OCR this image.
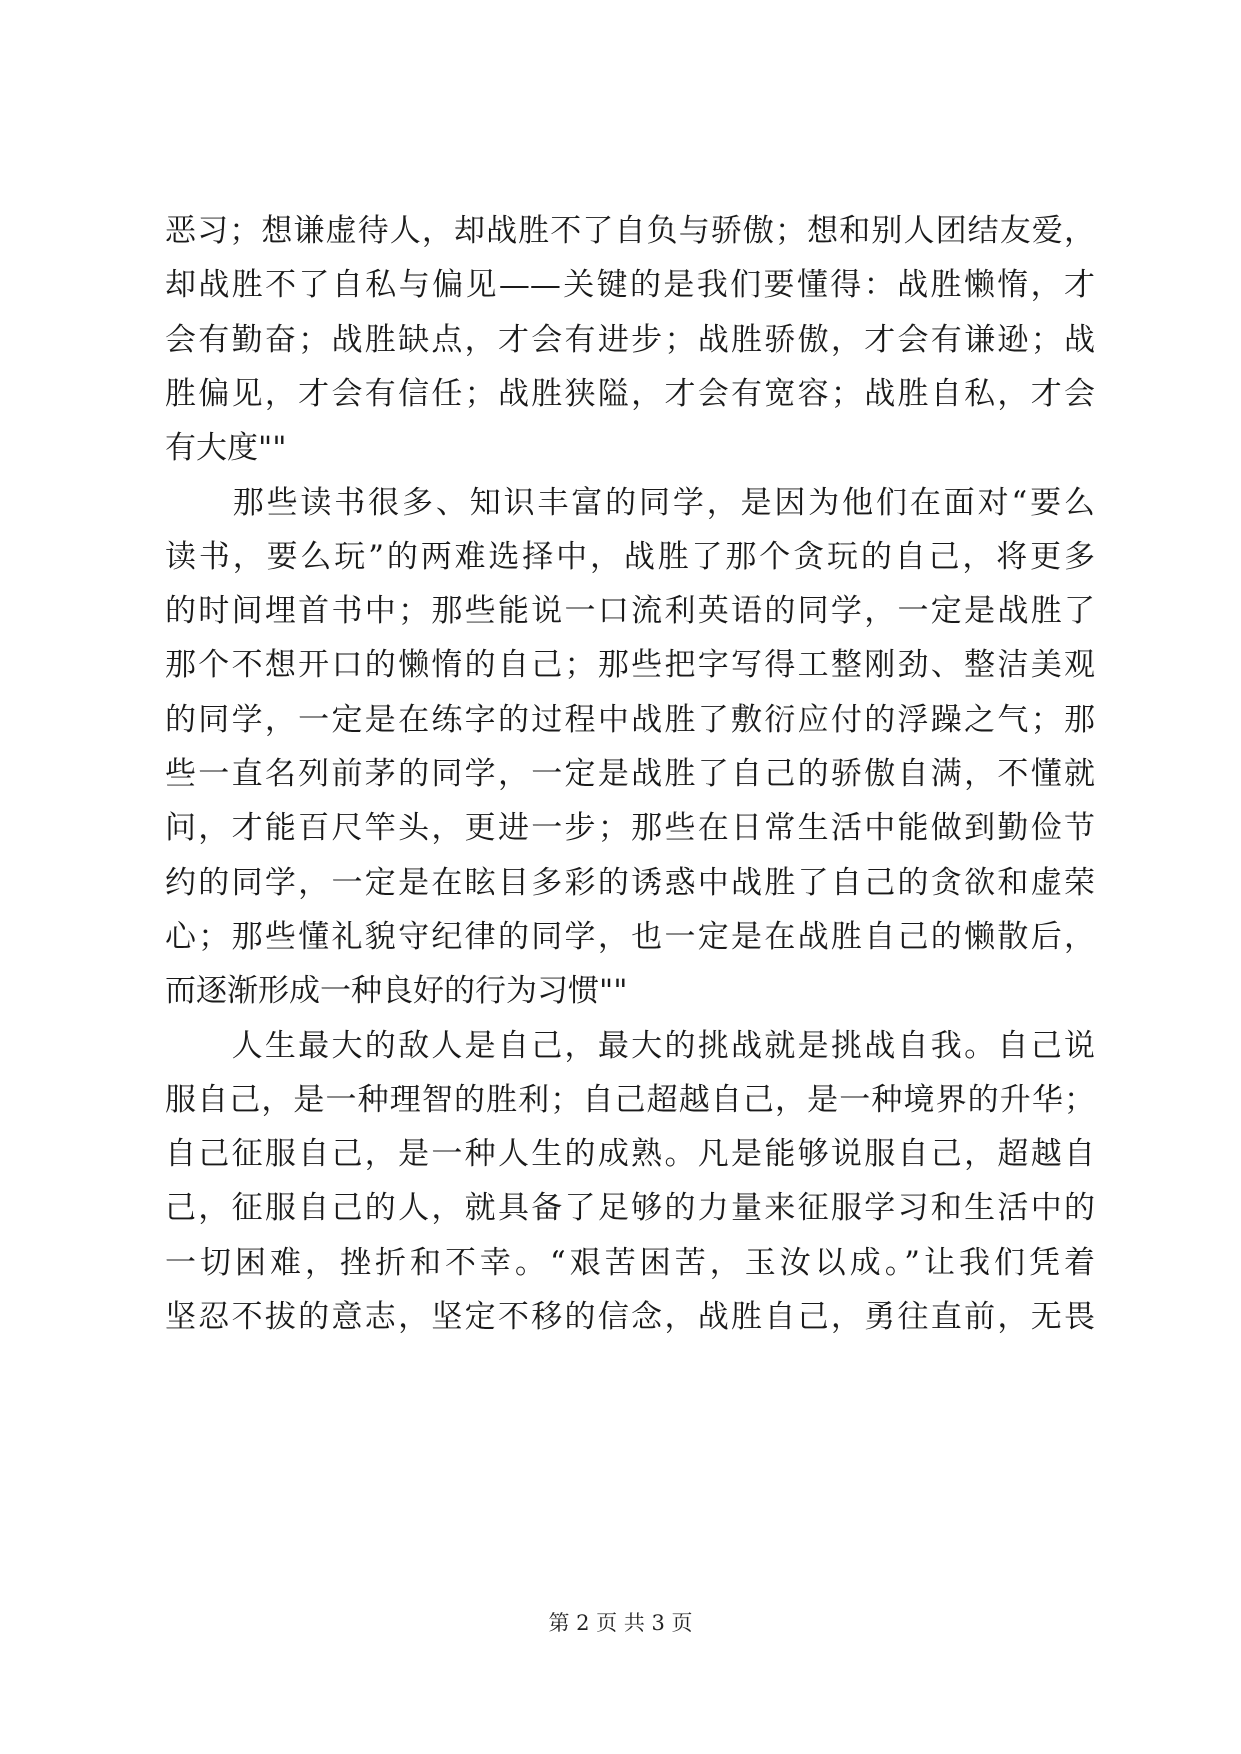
恶习；想谦虚待人，却战胜不了自负与骄傲；想和别人团结友爱，
却战胜不了自私与偏见——关键的是我们要懂得：战胜懒惰，才
会有勤奋；战胜缺点，才会有进步；战胜骄傲，才会有谦逊；战
胜偏见，才会有信任；战胜狭隘，才会有宽容；战胜自私，才会
有大度""
　　那些读书很多、知识丰富的同学，是因为他们在面对“要么
读书，要么玩”的两难选择中，战胜了那个贪玩的自己，将更多
的时间埋首书中；那些能说一口流利英语的同学，一定是战胜了
那个不想开口的懒惰的自己；那些把字写得工整刚劲、整洁美观
的同学，一定是在练字的过程中战胜了敷衍应付的浮躁之气；那
些一直名列前茅的同学，一定是战胜了自己的骄傲自满，不懂就
问，才能百尺竿头，更进一步；那些在日常生活中能做到勤俭节
约的同学，一定是在眩目多彩的诱惑中战胜了自己的贪欲和虚荣
心；那些懂礼貌守纪律的同学，也一定是在战胜自己的懒散后，
而逐渐形成一种良好的行为习惯""
　　人生最大的敌人是自己，最大的挑战就是挑战自我。自己说
服自己，是一种理智的胜利；自己超越自己，是一种境界的升华；
自己征服自己，是一种人生的成熟。凡是能够说服自己，超越自
己，征服自己的人，就具备了足够的力量来征服学习和生活中的
一切困难，挫折和不幸。“艰苦困苦，玉汝以成。”让我们凭着
坚忍不拔的意志，坚定不移的信念，战胜自己，勇往直前，无畏
第 2 页 共 3 页
